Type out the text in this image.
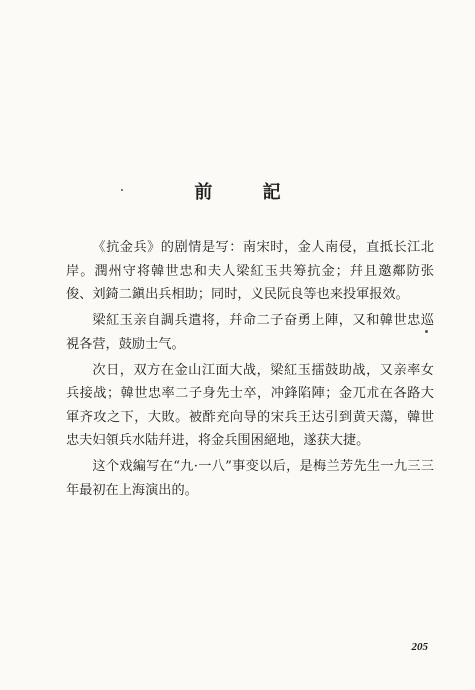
前 記

《抗金兵》的剧情是写：南宋时，金人南侵，直抵长江北岸。潤州守将韓世忠和夫人梁紅玉共筹抗金；幷且邀鄰防张俊、刘錡二鎭出兵相助；同时，义民阮良等也来投軍报效。

梁紅玉亲自調兵遣将，幷命二子奋勇上陣，又和韓世忠巡視各营，鼓励士气。

次日，双方在金山江面大战，梁紅玉擂鼓助战，又亲率女兵接战；韓世忠率二子身先士卒，冲鋒陷陣；金兀朮在各路大軍齐攻之下，大敗。被酢充向导的宋兵王达引到黄天蕩，韓世忠夫妇領兵水陆幷进，将金兵围困絕地，遂获大捷。

这个戏編写在“九·一八”事变以后，是梅兰芳先生一九三三年最初在上海演出的。

205
